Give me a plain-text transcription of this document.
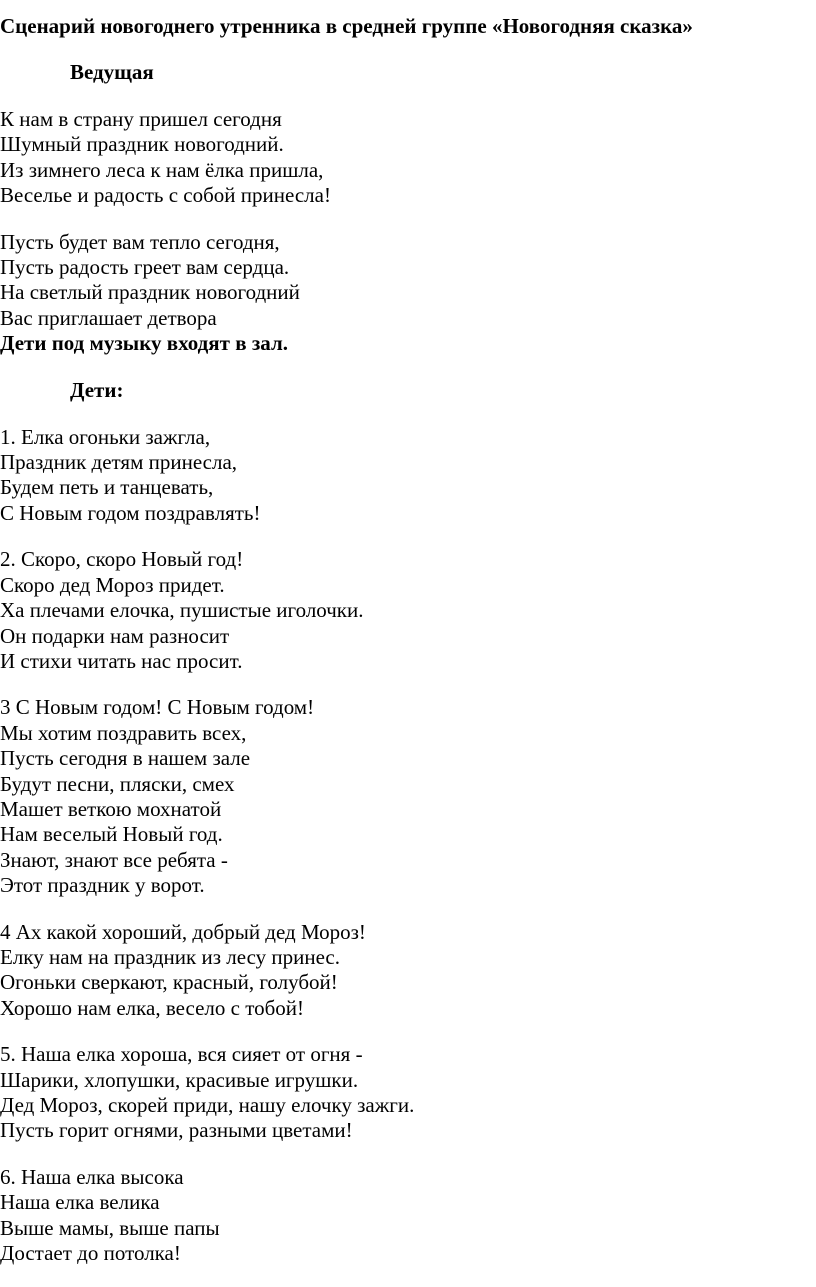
Сценарий новогоднего утренника в средней группе «Новогодняя сказка»
Ведущая
К нам в страну пришел сегодня
Шумный праздник новогодний.
Из зимнего леса к нам ёлка пришла,
Веселье и радость с собой принесла!
Пусть будет вам тепло сегодня,
Пусть радость греет вам сердца.
На светлый праздник новогодний
Вас приглашает детвора
Дети под музыку входят в зал.
Дети:
1. Елка огоньки зажгла,
Праздник детям принесла,
Будем петь и танцевать,
С Новым годом поздравлять!
2. Скоро, скоро Новый год!
Скоро дед Мороз придет.
Ха плечами елочка, пушистые иголочки.
Он подарки нам разносит
И стихи читать нас просит.
3 С Новым годом! С Новым годом!
Мы хотим поздравить всех,
Пусть сегодня в нашем зале
Будут песни, пляски, смех
Машет веткою мохнатой
Нам веселый Новый год.
Знают, знают все ребята -
Этот праздник у ворот.
4 Ах какой хороший, добрый дед Мороз!
Елку нам на праздник из лесу принес.
Огоньки сверкают, красный, голубой!
Хорошо нам елка, весело с тобой!
5. Наша елка хороша, вся сияет от огня -
Шарики, хлопушки, красивые игрушки.
Дед Мороз, скорей приди, нашу елочку зажги.
Пусть горит огнями, разными цветами!
6. Наша елка высока
Наша елка велика
Выше мамы, выше папы
Достает до потолка!
